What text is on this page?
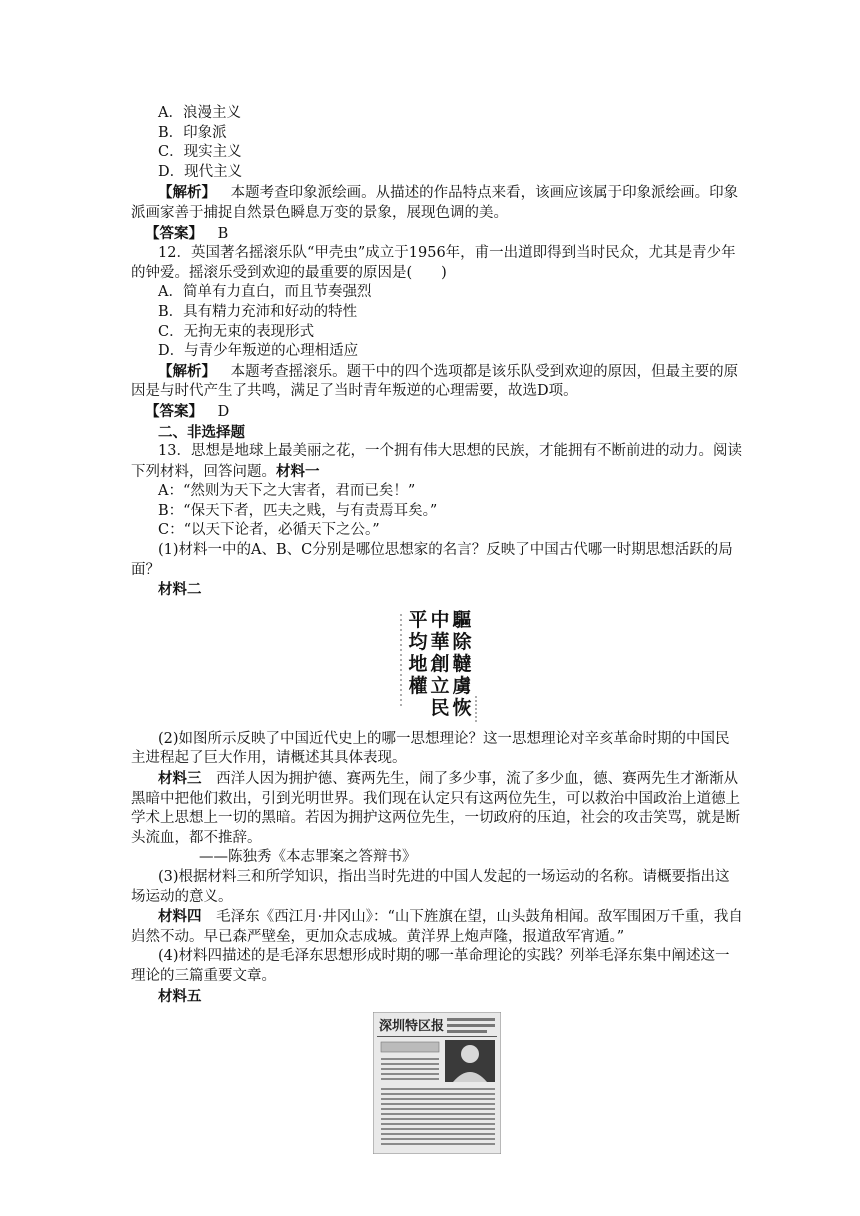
A．浪漫主义
B．印象派
C．现实主义
D．现代主义
【解析】 本题考查印象派绘画。从描述的作品特点来看，该画应该属于印象派绘画。印象派画家善于捕捉自然景色瞬息万变的景象，展现色调的美。
【答案】 B
12．英国著名摇滚乐队“甲壳虫”成立于1956年，甫一出道即得到当时民众，尤其是青少年的钟爱。摇滚乐受到欢迎的最重要的原因是(　　)
A．简单有力直白，而且节奏强烈
B．具有精力充沛和好动的特性
C．无拘无束的表现形式
D．与青少年叛逆的心理相适应
【解析】 本题考查摇滚乐。题干中的四个选项都是该乐队受到欢迎的原因，但最主要的原因是与时代产生了共鸣，满足了当时青年叛逆的心理需要，故选D项。
【答案】 D
二、非选择题
13．思想是地球上最美丽之花，一个拥有伟大思想的民族，才能拥有不断前进的动力。阅读下列材料，回答问题。材料一
A：“然则为天下之大害者，君而已矣！”
B：“保天下者，匹夫之贱，与有责焉耳矣。”
C：“以天下论者，必循天下之公。”
(1)材料一中的A、B、C分别是哪位思想家的名言？反映了中国古代哪一时期思想活跃的局面？
材料二
驅
除
韃
虜
恢
中
華
創
立
民
平
均
地
權
(2)如图所示反映了中国近代史上的哪一思想理论？这一思想理论对辛亥革命时期的中国民主进程起了巨大作用，请概述其具体表现。
材料三 西洋人因为拥护德、赛两先生，闹了多少事，流了多少血，德、赛两先生才渐渐从黑暗中把他们救出，引到光明世界。我们现在认定只有这两位先生，可以救治中国政治上道德上学术上思想上一切的黑暗。若因为拥护这两位先生，一切政府的压迫，社会的攻击笑骂，就是断头流血，都不推辞。
——陈独秀《本志罪案之答辩书》
(3)根据材料三和所学知识，指出当时先进的中国人发起的一场运动的名称。请概要指出这场运动的意义。
材料四 毛泽东《西江月·井冈山》：“山下旌旗在望，山头鼓角相闻。敌军围困万千重，我自岿然不动。早已森严壁垒，更加众志成城。黄洋界上炮声隆，报道敌军宵遁。”
(4)材料四描述的是毛泽东思想形成时期的哪一革命理论的实践？列举毛泽东集中阐述这一理论的三篇重要文章。
材料五
深圳特区报
